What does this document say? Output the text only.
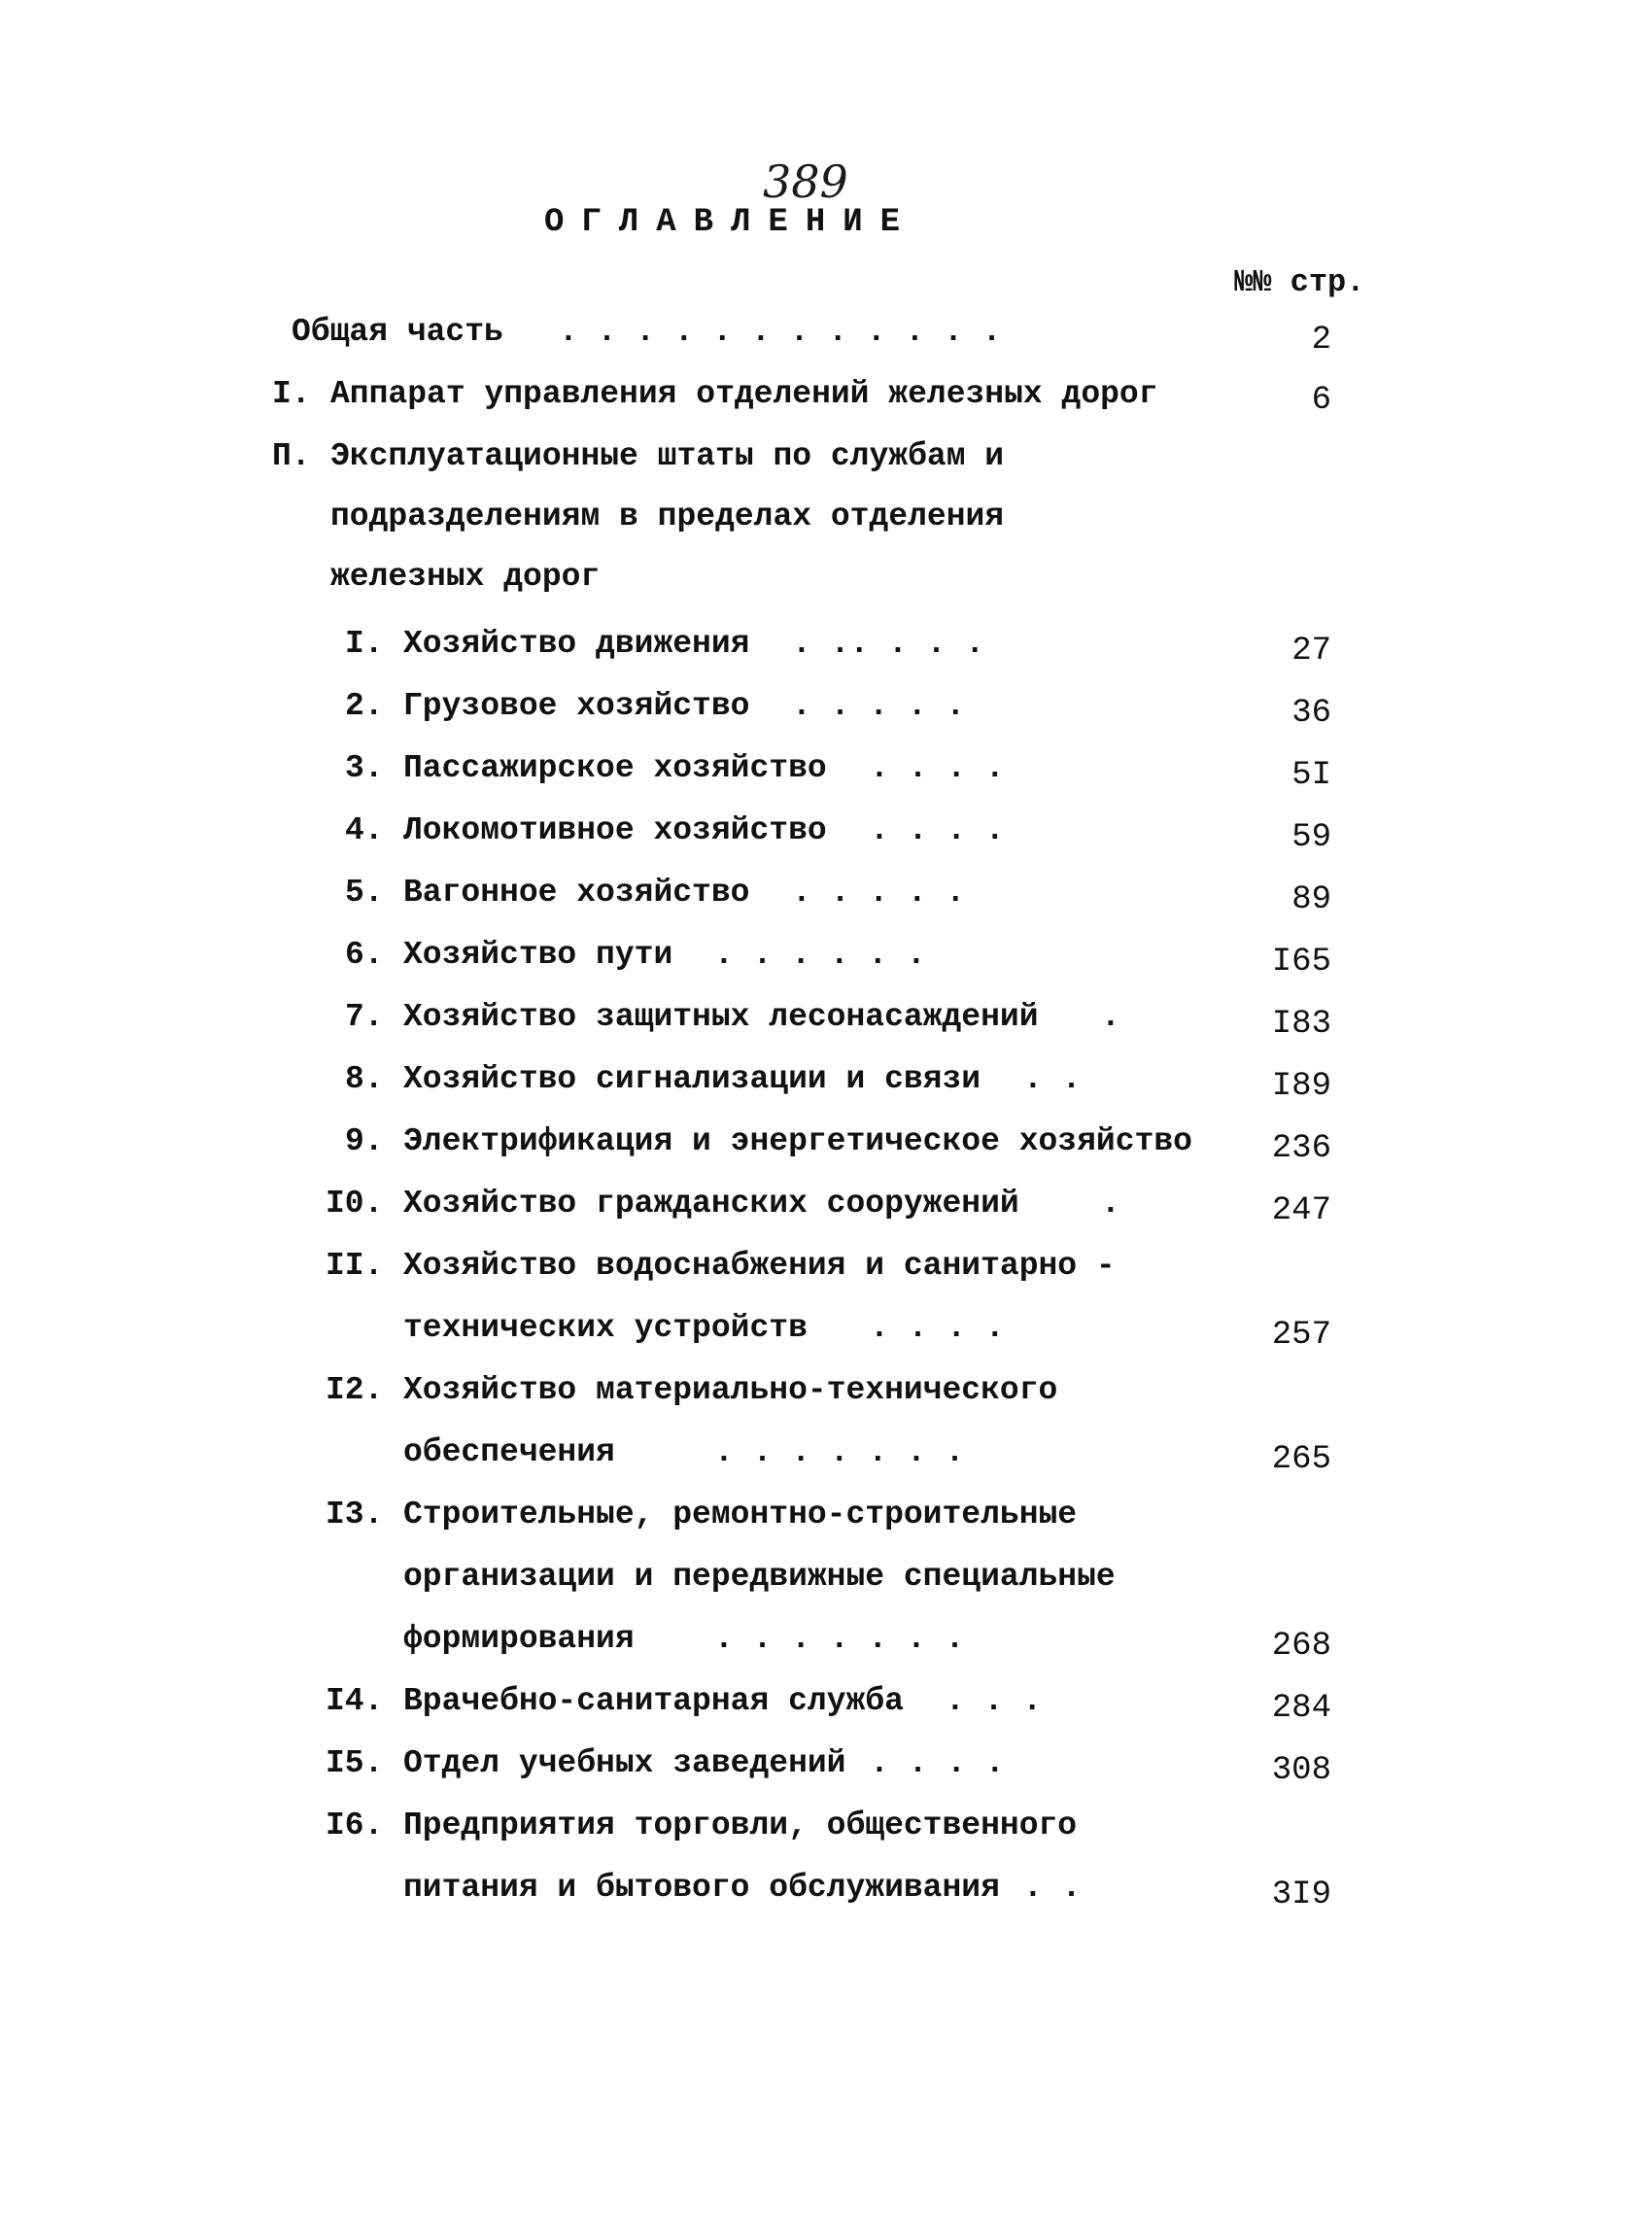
389
ОГЛАВЛЕНИЕ
№№ стр.
Общая часть . . . . . . . . . . . .	2
I. Аппарат управления отделений железных дорог	6
П. Эксплуатационные штаты по службам и
подразделениям в пределах отделения
железных дорог
I. Хозяйство движения . .. . . .	27
2. Грузовое хозяйство . . . . .	36
3. Пассажирское хозяйство . . . .	5I
4. Локомотивное хозяйство . . . .	59
5. Вагонное хозяйство . . . . .	89
6. Хозяйство пути . . . . . .	I65
7. Хозяйство защитных лесонасаждений .	I83
8. Хозяйство сигнализации и связи . .	I89
9. Электрификация и энергетическое хозяйство	236
I0. Хозяйство гражданских сооружений	.	247
II. Хозяйство водоснабжения и санитарно -
технических устройств . . . .	257
I2. Хозяйство материально-технического
обеспечения	. . . . . . .	265
I3. Строительные, ремонтно-строительные
организации и передвижные специальные
формирования . . . . . . .	268
I4. Врачебно-санитарная служба . . .	284
I5. Отдел учебных заведений . . . .	308
I6. Предприятия торговли, общественного
питания и бытового обслуживания . .	3I9
